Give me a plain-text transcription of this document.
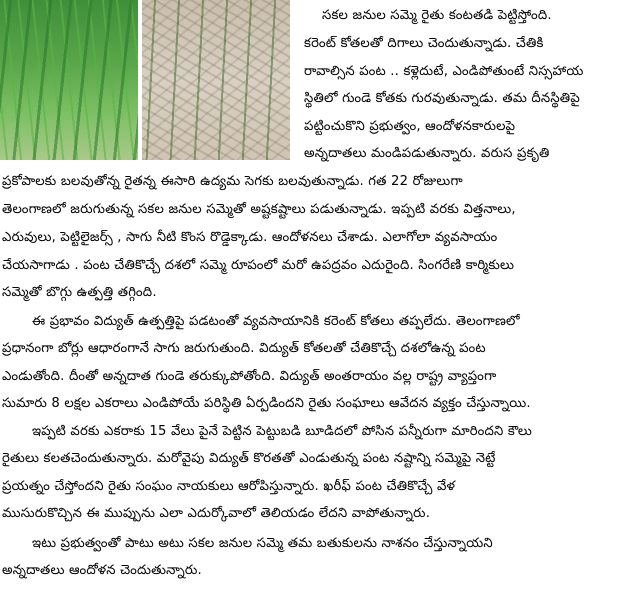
సకల జనుల సమ్మె రైతు కంటతడి పెట్టిస్తోంది.
కరెంట్ కోతలతో దిగాలు చెందుతున్నాడు. చేతికి
రావాల్సిన పంట .. కళ్లెదుటే, ఎండిపోతుంటే నిస్సహాయ
స్థితిలో గుండె కోతకు గురవుతున్నాడు. తమ దీనస్థితిపై
పట్టించుకొని ప్రభుత్వం, ఆందోళనకారులపై
అన్నదాతలు మండిపడుతున్నారు. వరుస ప్రకృతి
ప్రకోపాలకు బలవుతోన్న రైతన్న ఈసారి ఉద్యమ సెగకు బలవుతున్నాడు. గత 22 రోజులుగా
తెలంగాణలో జరుగుతున్న సకల జనుల సమ్మెతో అష్టకష్టాలు పడుతున్నాడు. ఇప్పటి వరకు విత్తనాలు,
ఎరువులు, పెట్టిలైజర్స్ , సాగు నీటి కొంస రొడ్డెక్కాడు. ఆందోళనలు చేశాడు. ఎలాగోలా వ్యవసాయం
చేయసాగాడు . పంట చేతికొచ్చే దశలో సమ్మె రూపంలో మరో ఉపద్రవం ఎదురైంది. సింగరేణి కార్మికులు
సమ్మెతో బొగ్గు ఉత్పత్తి తగ్గింది.
ఈ ప్రభావం విద్యుత్ ఉత్పత్తిపై పడటంతో వ్యవసాయానికి కరెంట్ కోతలు తప్పలేదు. తెలంగాణలో
ప్రధానంగా బోర్లు ఆధారంగానే సాగు జరుగుతుంది. విద్యుత్ కోతలతో చేతికొచ్చే దశలోఉన్న పంట
ఎండుతోంది. దీంతో అన్నదాత గుండె తరుక్కుపోతోంది. విద్యుత్ అంతరాయం వల్ల రాష్ట్ర వ్యాప్తంగా
సుమారు 8 లక్షల ఎకరాలు ఎండిపోయే పరిస్థితి ఏర్పడిందని రైతు సంఘాలు ఆవేదన వ్యక్తం చేస్తున్నాయి.
ఇప్పటి వరకు ఎకరాకు 15 వేలు పైనే పెట్టిన పెట్టుబడి బూడిదలో పోసిన పన్నీరుగా మారిందని కౌలు
రైతులు కలతచెందుతున్నారు. మరోవైపు విద్యుత్ కొరతతో ఎండుతున్న పంట నష్టాన్ని సమ్మెపై నెట్టే
ప్రయత్నం చేస్తోందని రైతు సంఘం నాయకులు ఆరోపిస్తున్నారు. ఖరీఫ్ పంట చేతికొచ్చే వేళ
ముసురుకొచ్చిన ఈ ముప్పును ఎలా ఎదుర్కోవాలో తెలియడం లేదని వాపోతున్నారు.
ఇటు ప్రభుత్వంతో పాటు అటు సకల జనుల సమ్మె తమ బతుకులను నాశనం చేస్తున్నాయని
అన్నదాతలు ఆందోళన చెందుతున్నారు.
